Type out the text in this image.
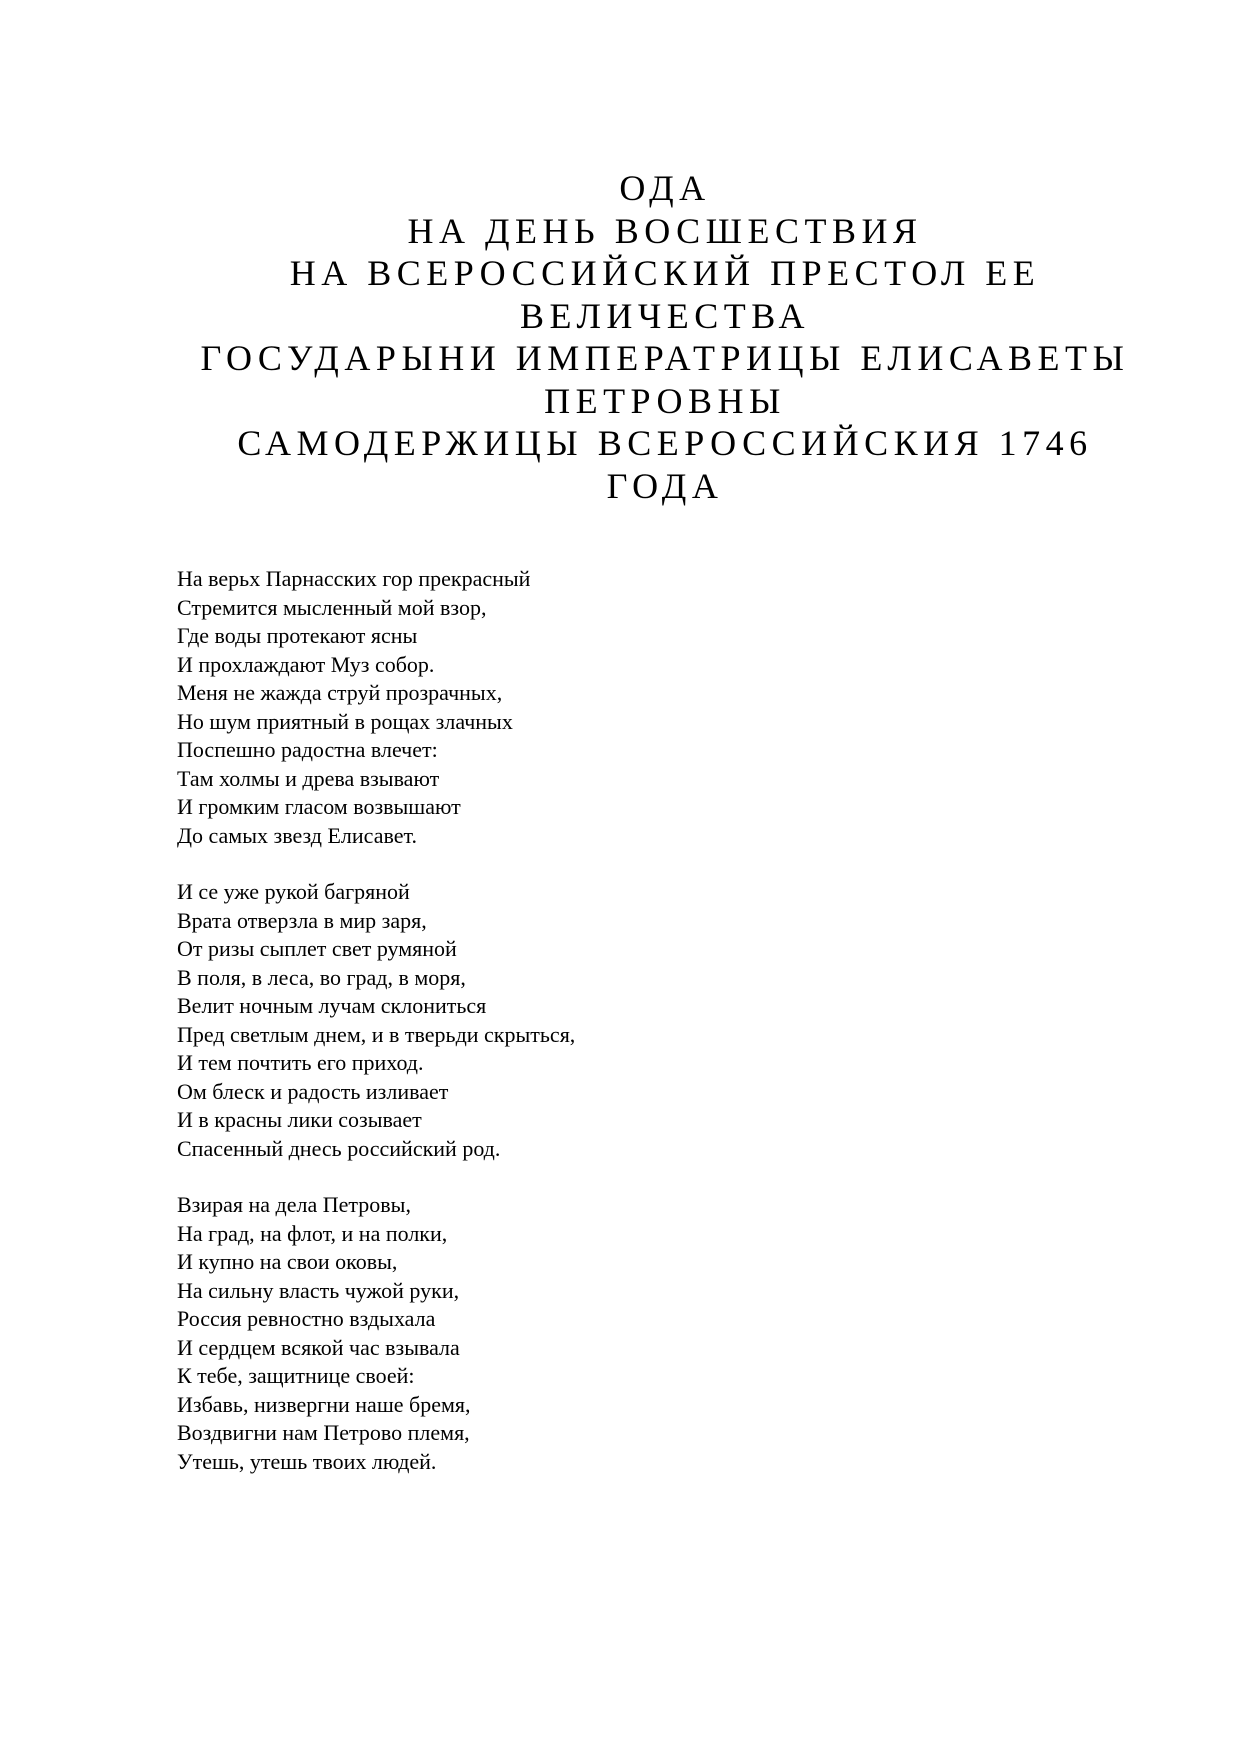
ОДА
НА ДЕНЬ ВОСШЕСТВИЯ
НА ВСЕРОССИЙСКИЙ ПРЕСТОЛ ЕЕ
ВЕЛИЧЕСТВА
ГОСУДАРЫНИ ИМПЕРАТРИЦЫ ЕЛИСАВЕТЫ
ПЕТРОВНЫ
САМОДЕРЖИЦЫ ВСЕРОССИЙСКИЯ 1746
ГОДА
На верьх Парнасских гор прекрасный
Стремится мысленный мой взор,
Где воды протекают ясны
И прохлаждают Муз собор.
Меня не жажда струй прозрачных,
Но шум приятный в рощах злачных
Поспешно радостна влечет:
Там холмы и древа взывают
И громким гласом возвышают
До самых звезд Елисавет.
И се уже рукой багряной
Врата отверзла в мир заря,
От ризы сыплет свет румяной
В поля, в леса, во град, в моря,
Велит ночным лучам склониться
Пред светлым днем, и в тверьди скрыться,
И тем почтить его приход.
Ом блеск и радость изливает
И в красны лики созывает
Спасенный днесь российский род.
Взирая на дела Петровы,
На град, на флот, и на полки,
И купно на свои оковы,
На сильну власть чужой руки,
Россия ревностно вздыхала
И сердцем всякой час взывала
К тебе, защитнице своей:
Избавь, низвергни наше бремя,
Воздвигни нам Петрово племя,
Утешь, утешь твоих людей.
